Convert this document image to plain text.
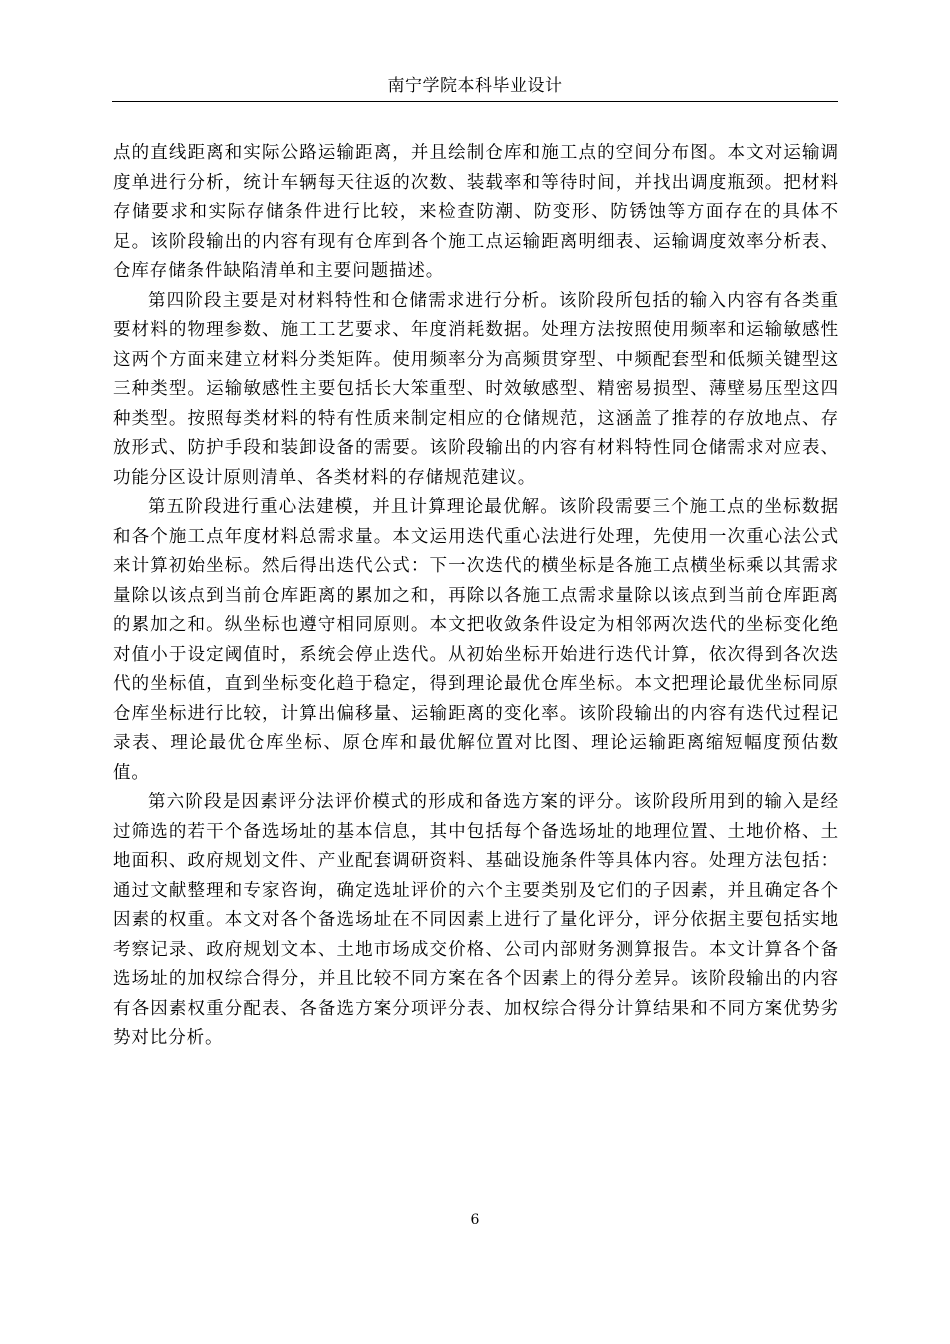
南宁学院本科毕业设计

点的直线距离和实际公路运输距离，并且绘制仓库和施工点的空间分布图。本文对运输调度单进行分析，统计车辆每天往返的次数、装载率和等待时间，并找出调度瓶颈。把材料存储要求和实际存储条件进行比较，来检查防潮、防变形、防锈蚀等方面存在的具体不足。该阶段输出的内容有现有仓库到各个施工点运输距离明细表、运输调度效率分析表、仓库存储条件缺陷清单和主要问题描述。

第四阶段主要是对材料特性和仓储需求进行分析。该阶段所包括的输入内容有各类重要材料的物理参数、施工工艺要求、年度消耗数据。处理方法按照使用频率和运输敏感性这两个方面来建立材料分类矩阵。使用频率分为高频贯穿型、中频配套型和低频关键型这三种类型。运输敏感性主要包括长大笨重型、时效敏感型、精密易损型、薄壁易压型这四种类型。按照每类材料的特有性质来制定相应的仓储规范，这涵盖了推荐的存放地点、存放形式、防护手段和装卸设备的需要。该阶段输出的内容有材料特性同仓储需求对应表、功能分区设计原则清单、各类材料的存储规范建议。

第五阶段进行重心法建模，并且计算理论最优解。该阶段需要三个施工点的坐标数据和各个施工点年度材料总需求量。本文运用迭代重心法进行处理，先使用一次重心法公式来计算初始坐标。然后得出迭代公式：下一次迭代的横坐标是各施工点横坐标乘以其需求量除以该点到当前仓库距离的累加之和，再除以各施工点需求量除以该点到当前仓库距离的累加之和。纵坐标也遵守相同原则。本文把收敛条件设定为相邻两次迭代的坐标变化绝对值小于设定阈值时，系统会停止迭代。从初始坐标开始进行迭代计算，依次得到各次迭代的坐标值，直到坐标变化趋于稳定，得到理论最优仓库坐标。本文把理论最优坐标同原仓库坐标进行比较，计算出偏移量、运输距离的变化率。该阶段输出的内容有迭代过程记录表、理论最优仓库坐标、原仓库和最优解位置对比图、理论运输距离缩短幅度预估数值。

第六阶段是因素评分法评价模式的形成和备选方案的评分。该阶段所用到的输入是经过筛选的若干个备选场址的基本信息，其中包括每个备选场址的地理位置、土地价格、土地面积、政府规划文件、产业配套调研资料、基础设施条件等具体内容。处理方法包括：通过文献整理和专家咨询，确定选址评价的六个主要类别及它们的子因素，并且确定各个因素的权重。本文对各个备选场址在不同因素上进行了量化评分，评分依据主要包括实地考察记录、政府规划文本、土地市场成交价格、公司内部财务测算报告。本文计算各个备选场址的加权综合得分，并且比较不同方案在各个因素上的得分差异。该阶段输出的内容有各因素权重分配表、各备选方案分项评分表、加权综合得分计算结果和不同方案优势劣势对比分析。

6
